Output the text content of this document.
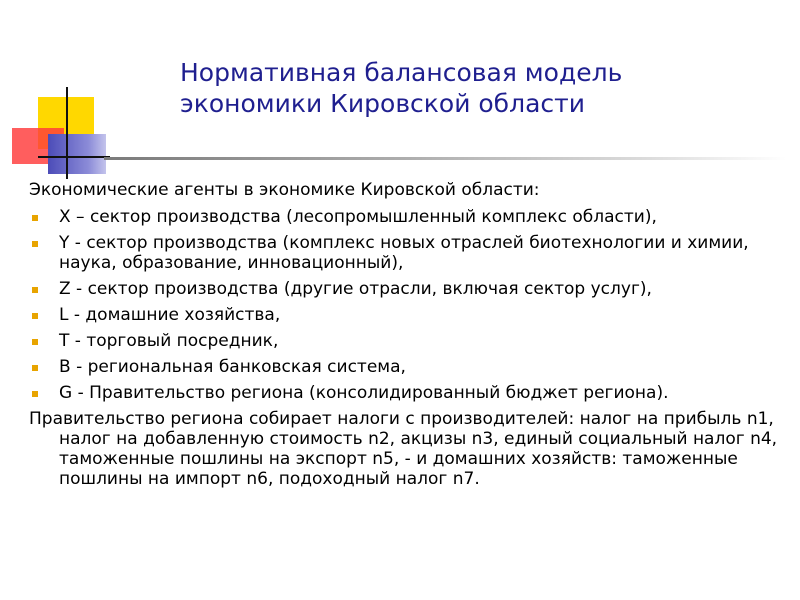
Нормативная балансовая модель
экономики Кировской области

Экономические агенты в экономике Кировской области:

X – сектор производства (лесопромышленный комплекс области),
Y - сектор производства (комплекс новых отраслей биотехнологии и химии, наука, образование, инновационный),
Z - сектор производства (другие отрасли, включая сектор услуг),
L - домашние хозяйства,
T - торговый посредник,
B - региональная банковская система,
G - Правительство региона (консолидированный бюджет региона).

Правительство региона собирает налоги с производителей: налог на прибыль n1, налог на добавленную стоимость n2, акцизы n3, единый социальный налог n4, таможенные пошлины на экспорт n5, - и домашних хозяйств: таможенные пошлины на импорт n6, подоходный налог n7.
